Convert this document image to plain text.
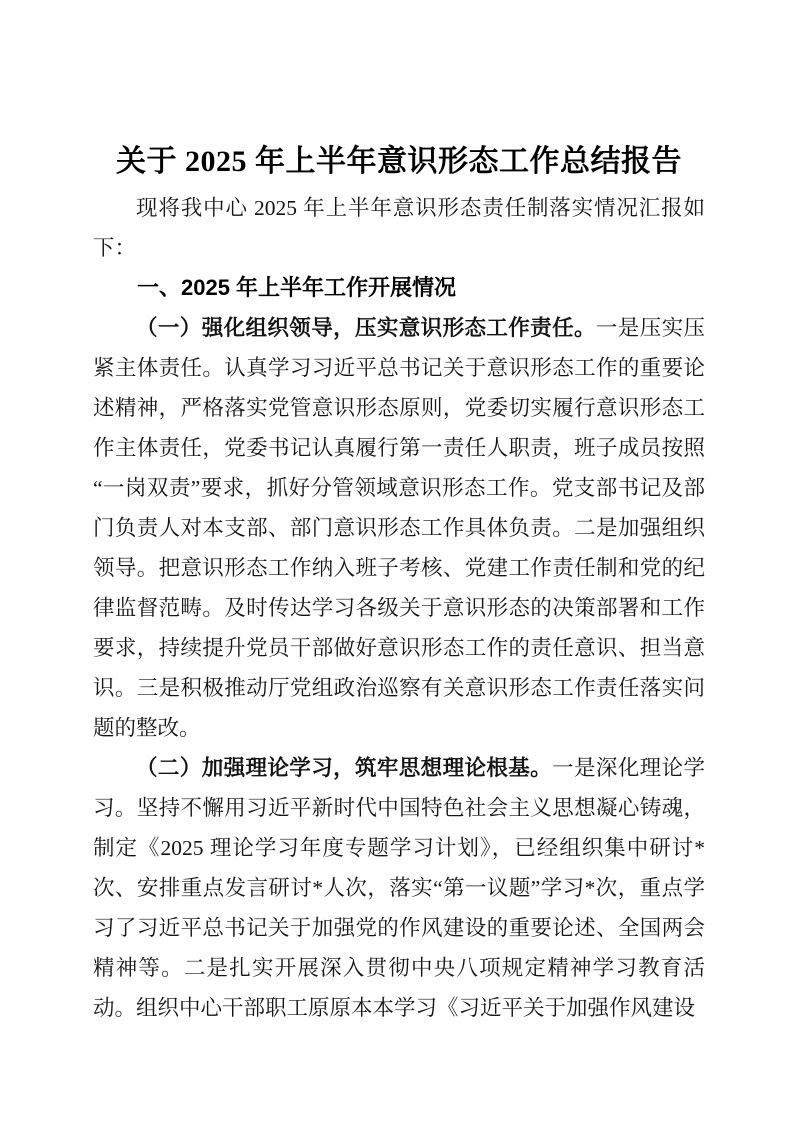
关于 2025 年上半年意识形态工作总结报告

现将我中心 2025 年上半年意识形态责任制落实情况汇报如下：

一、2025 年上半年工作开展情况

（一）强化组织领导，压实意识形态工作责任。一是压实压紧主体责任。认真学习习近平总书记关于意识形态工作的重要论述精神，严格落实党管意识形态原则，党委切实履行意识形态工作主体责任，党委书记认真履行第一责任人职责，班子成员按照“一岗双责”要求，抓好分管领域意识形态工作。党支部书记及部门负责人对本支部、部门意识形态工作具体负责。二是加强组织领导。把意识形态工作纳入班子考核、党建工作责任制和党的纪律监督范畴。及时传达学习各级关于意识形态的决策部署和工作要求，持续提升党员干部做好意识形态工作的责任意识、担当意识。三是积极推动厅党组政治巡察有关意识形态工作责任落实问题的整改。

（二）加强理论学习，筑牢思想理论根基。一是深化理论学习。坚持不懈用习近平新时代中国特色社会主义思想凝心铸魂，制定《2025 理论学习年度专题学习计划》，已经组织集中研讨*次、安排重点发言研讨*人次，落实“第一议题”学习*次，重点学习了习近平总书记关于加强党的作风建设的重要论述、全国两会精神等。二是扎实开展深入贯彻中央八项规定精神学习教育活动。组织中心干部职工原原本本学习《习近平关于加强作风建设
